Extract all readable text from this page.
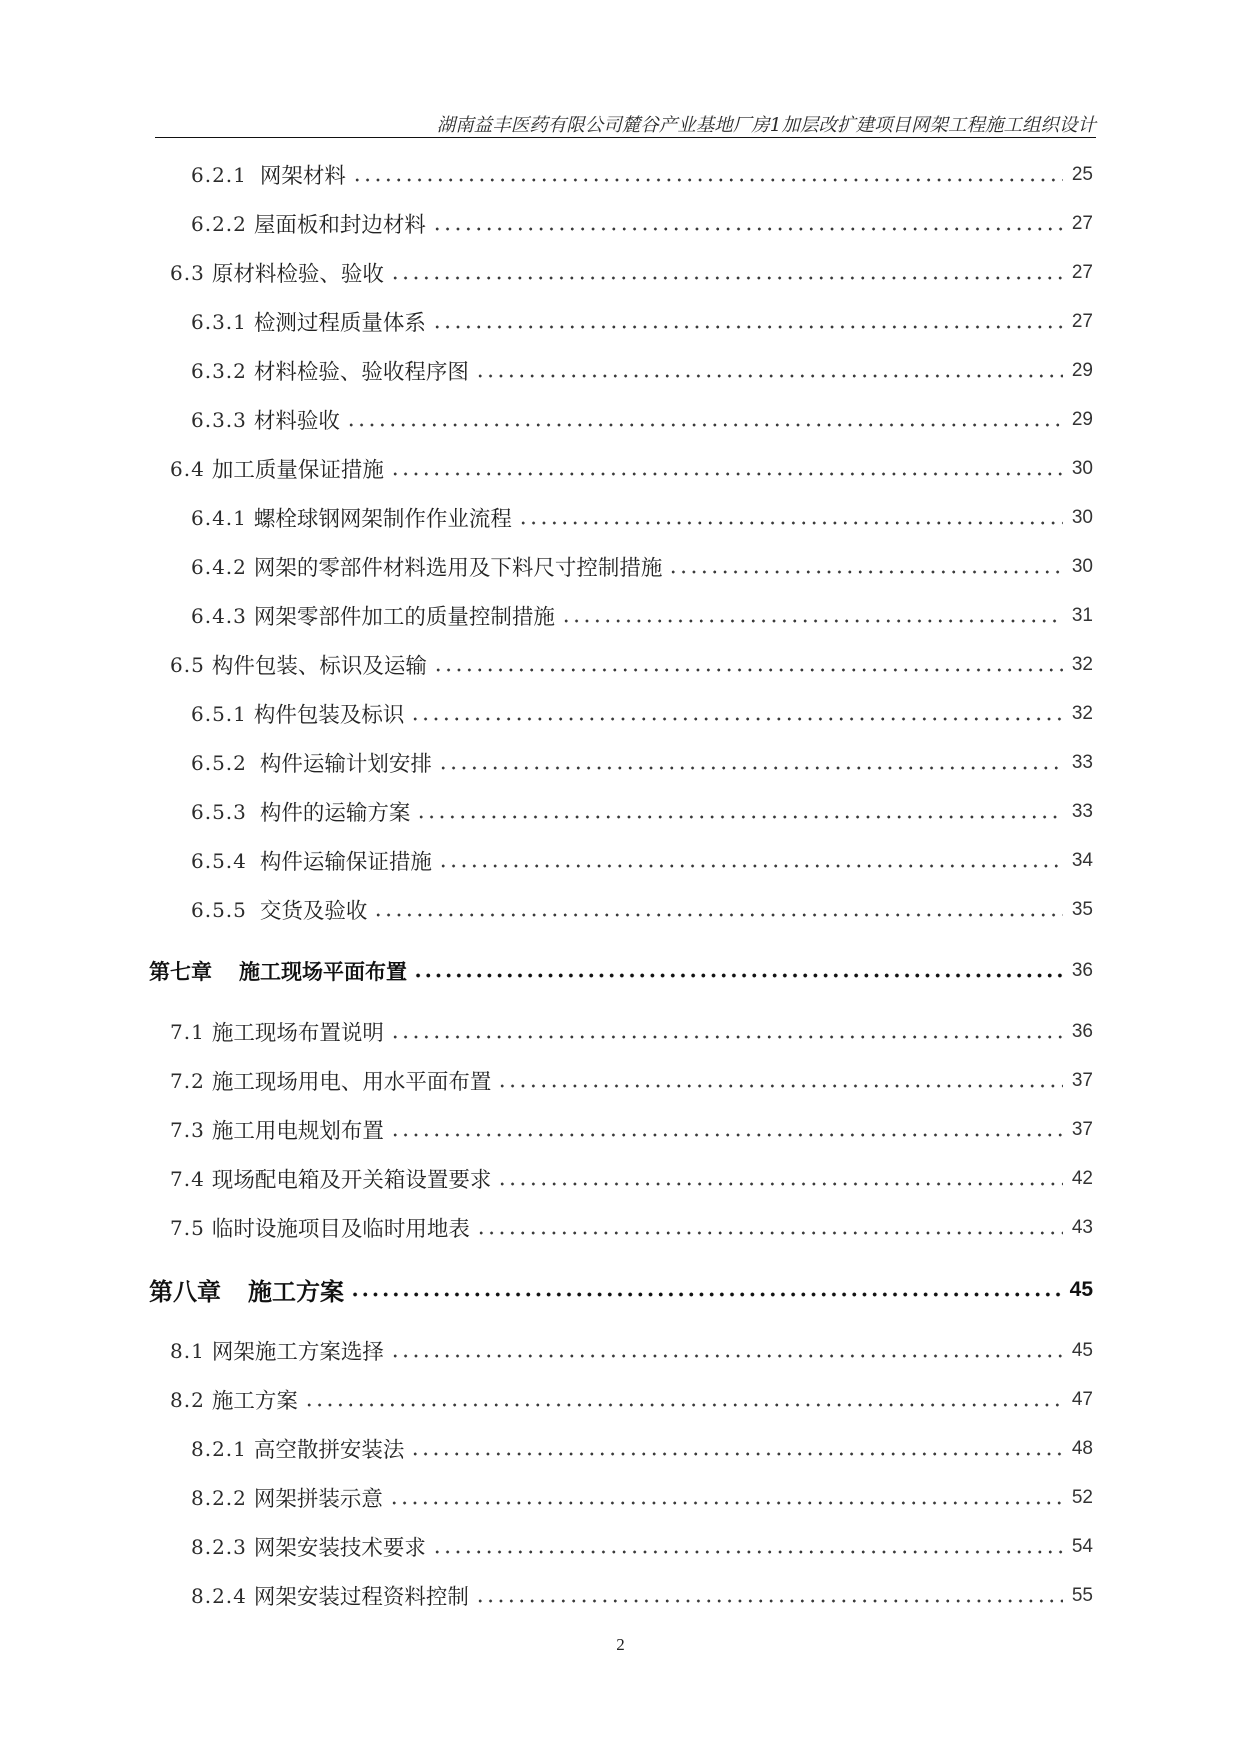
湖南益丰医药有限公司麓谷产业基地厂房1加层改扩建项目网架工程施工组织设计
6.2.1 网架材料	25
6.2.2 屋面板和封边材料	27
6.3 原材料检验、验收	27
6.3.1 检测过程质量体系	27
6.3.2 材料检验、验收程序图	29
6.3.3 材料验收	29
6.4 加工质量保证措施	30
6.4.1 螺栓球钢网架制作作业流程	30
6.4.2 网架的零部件材料选用及下料尺寸控制措施	30
6.4.3 网架零部件加工的质量控制措施	31
6.5 构件包装、标识及运输	32
6.5.1 构件包装及标识	32
6.5.2 构件运输计划安排	33
6.5.3 构件的运输方案	33
6.5.4 构件运输保证措施	34
6.5.5 交货及验收	35
第七章 施工现场平面布置	36
7.1 施工现场布置说明	36
7.2 施工现场用电、用水平面布置	37
7.3 施工用电规划布置	37
7.4 现场配电箱及开关箱设置要求	42
7.5 临时设施项目及临时用地表	43
第八章 施工方案	45
8.1 网架施工方案选择	45
8.2 施工方案	47
8.2.1 高空散拼安装法	48
8.2.2 网架拼装示意	52
8.2.3 网架安装技术要求	54
8.2.4 网架安装过程资料控制	55
2
